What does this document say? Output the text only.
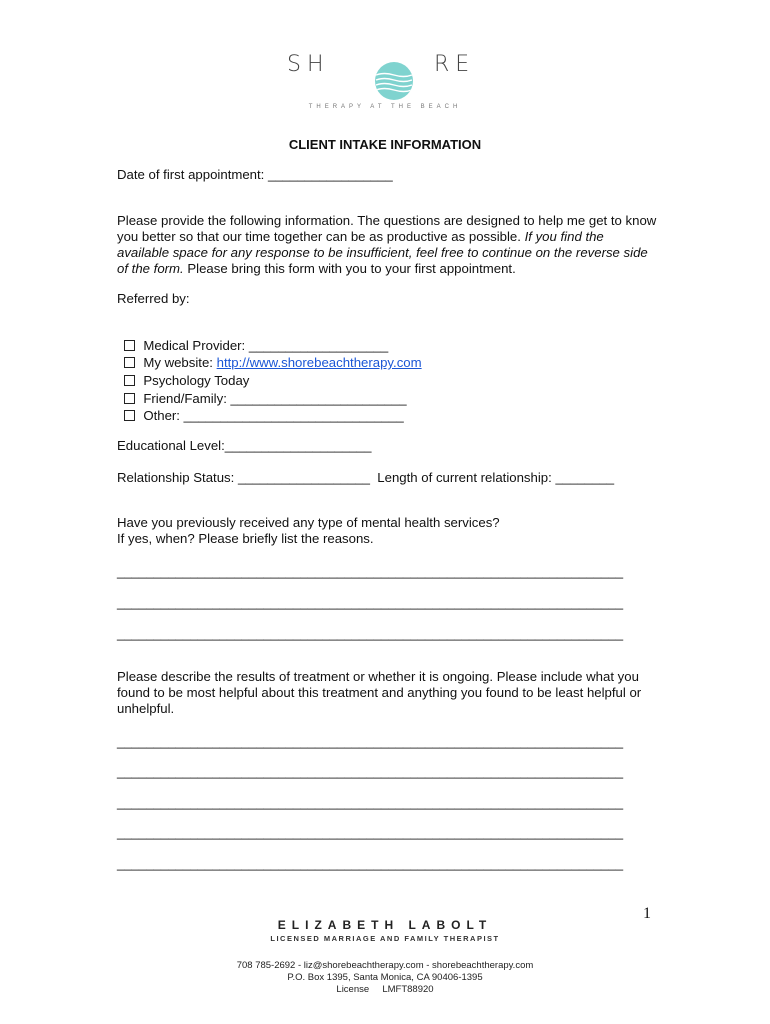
SH

	RE
THERAPY AT THE BEACH
CLIENT INTAKE INFORMATION
Date of first appointment: _________________
Please provide the following information. The questions are designed to help me get to know you better so that our time together can be as productive as possible. If you find the available space for any response to be insufficient, feel free to continue on the reverse side of the form. Please bring this form with you to your first appointment.
Referred by:

Medical Provider: ___________________

My website: http://www.shorebeachtherapy.com

Psychology Today

Friend/Family: ________________________

Other: ______________________________

Educational Level:____________________
Relationship Status: __________________  Length of current relationship: ________
Have you previously received any type of mental health services?
If yes, when? Please briefly list the reasons.
_____________________________________________________________________
_____________________________________________________________________
_____________________________________________________________________
Please describe the results of treatment or whether it is ongoing. Please include what you found to be most helpful about this treatment and anything you found to be least helpful or unhelpful.
_____________________________________________________________________
_____________________________________________________________________
_____________________________________________________________________
_____________________________________________________________________
_____________________________________________________________________
1
ELIZABETH LABOLT
LICENSED MARRIAGE AND FAMILY THERAPIST
708 785-2692 - liz@shorebeachtherapy.com - shorebeachtherapy.com
P.O. Box 1395, Santa Monica, CA 90406-1395
License     LMFT88920
